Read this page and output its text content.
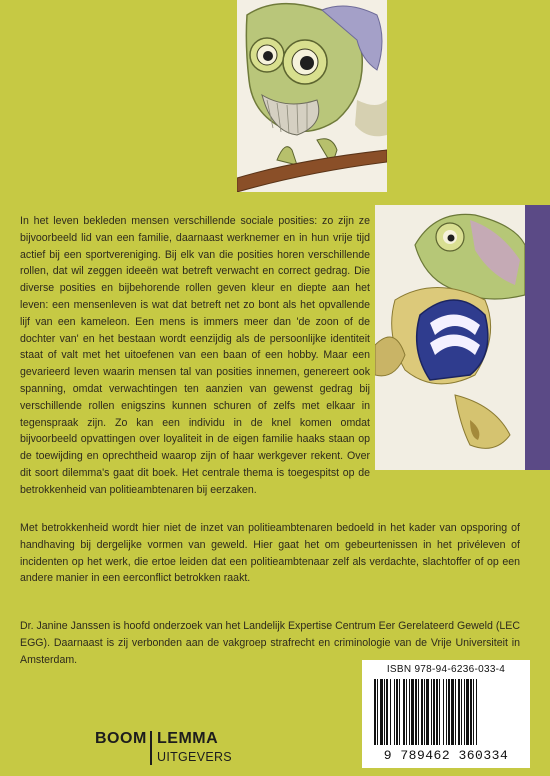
In het leven bekleden mensen verschillende sociale posities: zo zijn ze bijvoorbeeld lid van een familie, daarnaast werknemer en in hun vrije tijd actief bij een sportvereniging. Bij elk van die posities horen verschillende rollen, dat wil zeggen ideeën wat betreft verwacht en correct gedrag. Die diverse posities en bijbehorende rollen geven kleur en diepte aan het leven: een mensenleven is wat dat betreft net zo bont als het opvallende lijf van een kameleon. Een mens is immers meer dan 'de zoon of de dochter van' en het bestaan wordt eenzijdig als de persoonlijke identiteit staat of valt met het uitoefenen van een baan of een hobby. Maar een gevarieerd leven waarin mensen tal van posities innemen, genereert ook spanning, omdat verwachtingen ten aanzien van gewenst gedrag bij verschillende rollen enigszins kunnen schuren of zelfs met elkaar in tegenspraak zijn. Zo kan een individu in de knel komen omdat bijvoorbeeld opvattingen over loyaliteit in de eigen familie haaks staan op de toewijding en oprechtheid waarop zijn of haar werkgever rekent. Over dit soort dilemma's gaat dit boek. Het centrale thema is toegespitst op de betrokkenheid van politieambtenaren bij eerzaken.

Met betrokkenheid wordt hier niet de inzet van politieambtenaren bedoeld in het kader van opsporing of handhaving bij dergelijke vormen van geweld. Hier gaat het om gebeurtenissen in het privéleven of incidenten op het werk, die ertoe leiden dat een politieambtenaar zelf als verdachte, slachtoffer of op een andere manier in een eerconflict betrokken raakt.

Dr. Janine Janssen is hoofd onderzoek van het Landelijk Expertise Centrum Eer Gerelateerd Geweld (LEC EGG). Daarnaast is zij verbonden aan de vakgroep strafrecht en criminologie van de Vrije Universiteit in Amsterdam.

ISBN 978-94-6236-033-4
9 789462 360334
BOOM LEMMA
UITGEVERS
